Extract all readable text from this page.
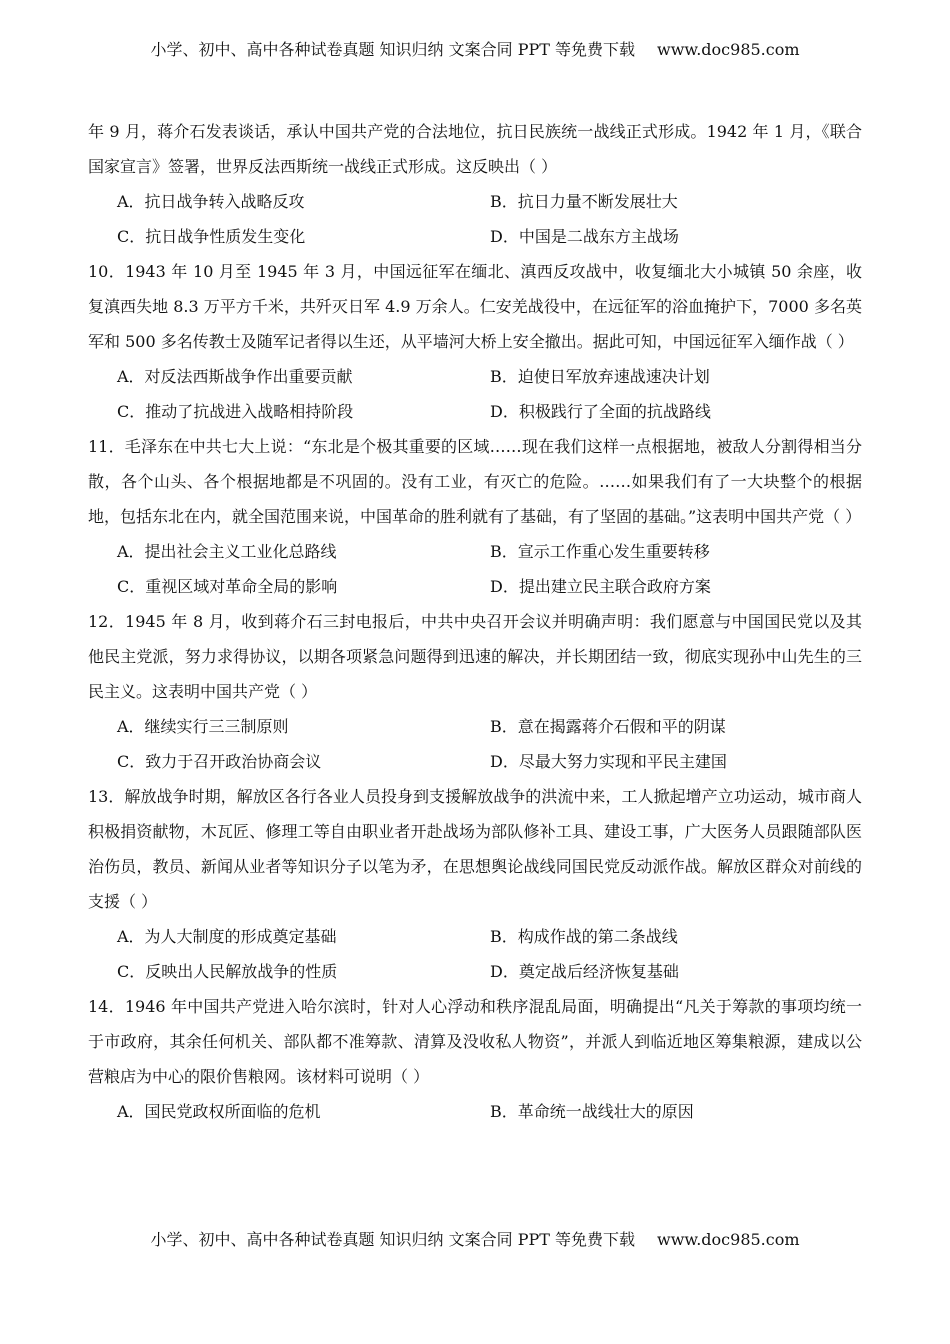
小学、初中、高中各种试卷真题 知识归纳 文案合同 PPT 等免费下载 www.doc985.com

年 9 月，蒋介石发表谈话，承认中国共产党的合法地位，抗日民族统一战线正式形成。1942 年 1 月，《联合国家宣言》签署，世界反法西斯统一战线正式形成。这反映出（ ）

A．抗日战争转入战略反攻	B．抗日力量不断发展壮大
C．抗日战争性质发生变化	D．中国是二战东方主战场

10．1943 年 10 月至 1945 年 3 月，中国远征军在缅北、滇西反攻战中，收复缅北大小城镇 50 余座，收复滇西失地 8.3 万平方千米，共歼灭日军 4.9 万余人。仁安羌战役中，在远征军的浴血掩护下，7000 多名英军和 500 多名传教士及随军记者得以生还，从平墙河大桥上安全撤出。据此可知，中国远征军入缅作战（ ）

A．对反法西斯战争作出重要贡献	B．迫使日军放弃速战速决计划
C．推动了抗战进入战略相持阶段	D．积极践行了全面的抗战路线

11．毛泽东在中共七大上说：“东北是个极其重要的区域……现在我们这样一点根据地，被敌人分割得相当分散，各个山头、各个根据地都是不巩固的。没有工业，有灭亡的危险。……如果我们有了一大块整个的根据地，包括东北在内，就全国范围来说，中国革命的胜利就有了基础，有了坚固的基础。”这表明中国共产党（ ）

A．提出社会主义工业化总路线	B．宣示工作重心发生重要转移
C．重视区域对革命全局的影响	D．提出建立民主联合政府方案

12．1945 年 8 月，收到蒋介石三封电报后，中共中央召开会议并明确声明：我们愿意与中国国民党以及其他民主党派，努力求得协议，以期各项紧急问题得到迅速的解决，并长期团结一致，彻底实现孙中山先生的三民主义。这表明中国共产党（ ）

A．继续实行三三制原则	B．意在揭露蒋介石假和平的阴谋
C．致力于召开政治协商会议	D．尽最大努力实现和平民主建国

13．解放战争时期，解放区各行各业人员投身到支援解放战争的洪流中来，工人掀起增产立功运动，城市商人积极捐资献物，木瓦匠、修理工等自由职业者开赴战场为部队修补工具、建设工事，广大医务人员跟随部队医治伤员，教员、新闻从业者等知识分子以笔为矛，在思想舆论战线同国民党反动派作战。解放区群众对前线的支援（ ）

A．为人大制度的形成奠定基础	B．构成作战的第二条战线
C．反映出人民解放战争的性质	D．奠定战后经济恢复基础

14．1946 年中国共产党进入哈尔滨时，针对人心浮动和秩序混乱局面，明确提出“凡关于筹款的事项均统一于市政府，其余任何机关、部队都不准筹款、清算及没收私人物资”，并派人到临近地区筹集粮源，建成以公营粮店为中心的限价售粮网。该材料可说明（ ）

A．国民党政权所面临的危机	B．革命统一战线壮大的原因
小学、初中、高中各种试卷真题 知识归纳 文案合同 PPT 等免费下载 www.doc985.com
